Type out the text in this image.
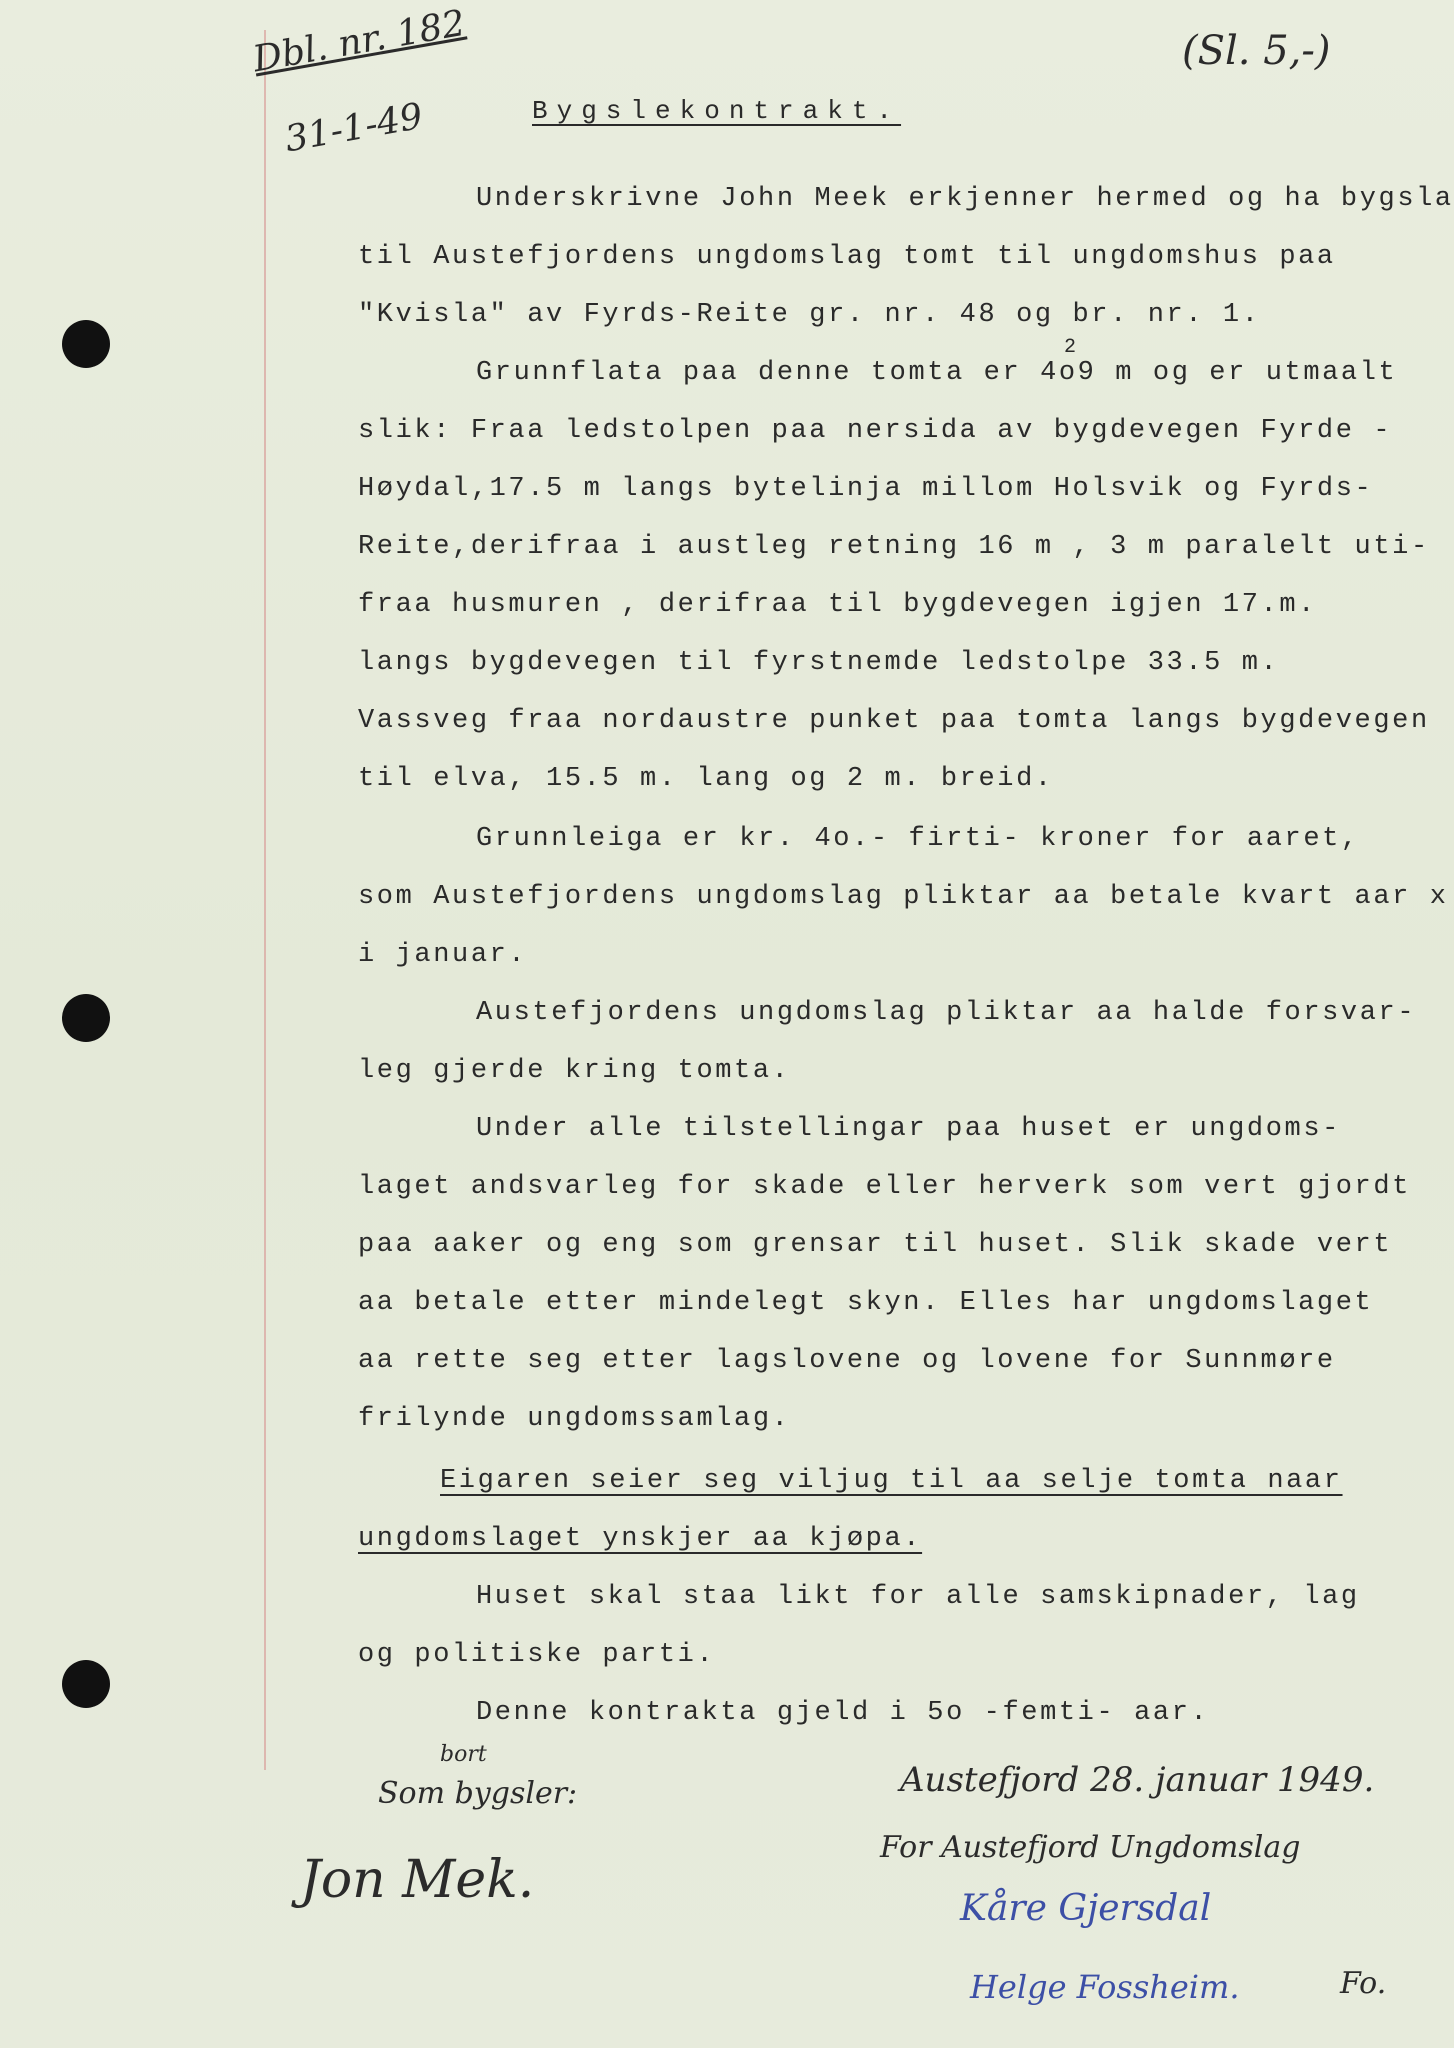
Dbl. nr. 182
31-1-49
(Sl. 5,-)
Bygslekontrakt.
Underskrivne John Meek erkjenner hermed og ha bygsla
til Austefjordens ungdomslag tomt til ungdomshus paa
"Kvisla" av Fyrds-Reite gr. nr. 48 og br. nr. 1.
Grunnflata paa denne tomta er 4o9 m og er utmaalt
2
slik: Fraa ledstolpen paa nersida av bygdevegen Fyrde -
Høydal,17.5 m langs bytelinja millom Holsvik og Fyrds-
Reite,derifraa i austleg retning 16 m , 3 m paralelt uti-
fraa husmuren , derifraa til bygdevegen igjen 17.m.
langs bygdevegen til fyrstnemde ledstolpe 33.5 m.
Vassveg fraa nordaustre punket paa tomta langs bygdevegen
til elva, 15.5 m. lang og 2 m. breid.
Grunnleiga er kr. 4o.- firti- kroner for aaret,
som Austefjordens ungdomslag pliktar aa betale kvart aar x
i januar.
Austefjordens ungdomslag pliktar aa halde forsvar-
leg gjerde kring tomta.
Under alle tilstellingar paa huset er ungdoms-
laget andsvarleg for skade eller herverk som vert gjordt
paa aaker og eng som grensar til huset. Slik skade vert
aa betale etter mindelegt skyn. Elles har ungdomslaget
aa rette seg etter lagslovene og lovene for Sunnmøre
frilynde ungdomssamlag.
Eigaren seier seg viljug til aa selje tomta naar
ungdomslaget ynskjer aa kjøpa.
Huset skal staa likt for alle samskipnader, lag
og politiske parti.
Denne kontrakta gjeld i 5o -femti- aar.
Austefjord 28. januar 1949.
bort
Som bygsler:
Jon Mek.
For Austefjord Ungdomslag
Kåre Gjersdal
Helge Fossheim.	Fo.
